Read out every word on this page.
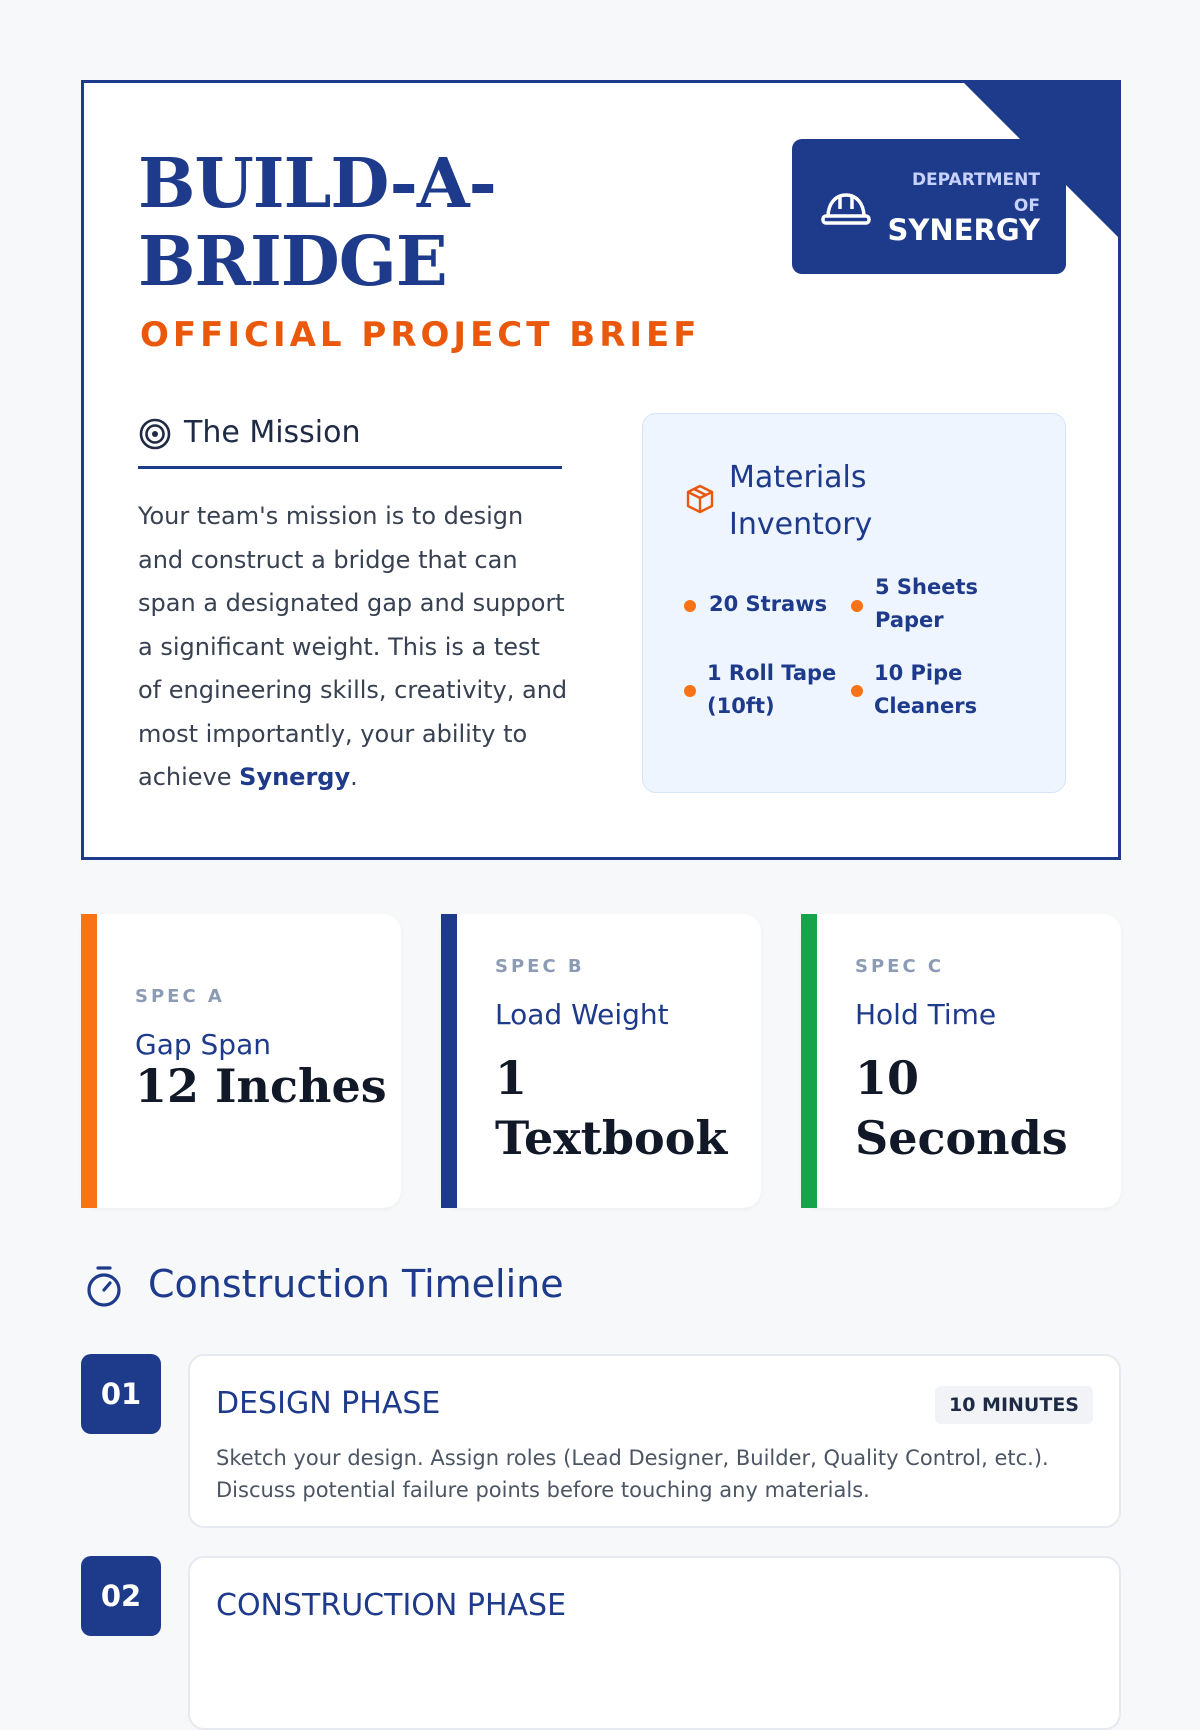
BUILD-A-
BRIDGE
OFFICIAL PROJECT BRIEF
DEPARTMENT
OF
SYNERGY
The Mission
Your team's mission is to design and construct a bridge that can span a designated gap and support a significant weight. This is a test of engineering skills, creativity, and most importantly, your ability to achieve Synergy.
Materials Inventory
20 Straws
5 Sheets Paper
1 Roll Tape (10ft)
10 Pipe Cleaners
SPEC A
Gap Span
12 Inches
SPEC B
Load Weight
1 Textbook
SPEC C
Hold Time
10 Seconds
Construction Timeline
01	DESIGN PHASE	10 MINUTES
Sketch your design. Assign roles (Lead Designer, Builder, Quality Control, etc.). Discuss potential failure points before touching any materials.
02	CONSTRUCTION PHASE
